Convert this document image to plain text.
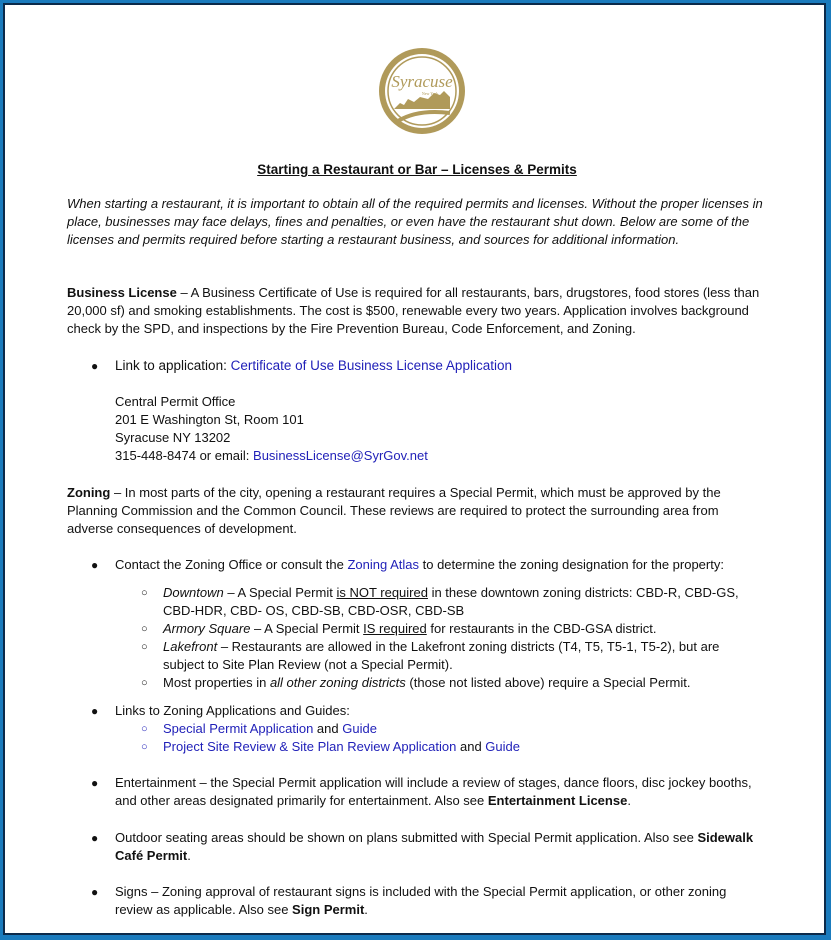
Syracuse
New York
Starting a Restaurant or Bar – Licenses & Permits
When starting a restaurant, it is important to obtain all of the required permits and licenses. Without the proper licenses in place, businesses may face delays, fines and penalties, or even have the restaurant shut down. Below are some of the licenses and permits required before starting a restaurant business, and sources for additional information.
Business License – A Business Certificate of Use is required for all restaurants, bars, drugstores, food stores (less than 20,000 sf) and smoking establishments. The cost is $500, renewable every two years. Application involves background check by the SPD, and inspections by the Fire Prevention Bureau, Code Enforcement, and Zoning.
● Link to application: Certificate of Use Business License Application
Central Permit Office
201 E Washington St, Room 101
Syracuse NY 13202
315-448-8474 or email: BusinessLicense@SyrGov.net
Zoning – In most parts of the city, opening a restaurant requires a Special Permit, which must be approved by the Planning Commission and the Common Council. These reviews are required to protect the surrounding area from adverse consequences of development.
● Contact the Zoning Office or consult the Zoning Atlas to determine the zoning designation for the property:
○ Downtown – A Special Permit is NOT required in these downtown zoning districts: CBD-R, CBD-GS, CBD-HDR, CBD- OS, CBD-SB, CBD-OSR, CBD-SB
○ Armory Square – A Special Permit IS required for restaurants in the CBD-GSA district.
○ Lakefront – Restaurants are allowed in the Lakefront zoning districts (T4, T5, T5-1, T5-2), but are subject to Site Plan Review (not a Special Permit).
○ Most properties in all other zoning districts (those not listed above) require a Special Permit.
● Links to Zoning Applications and Guides:
○ Special Permit Application and Guide
○ Project Site Review & Site Plan Review Application and Guide
● Entertainment – the Special Permit application will include a review of stages, dance floors, disc jockey booths, and other areas designated primarily for entertainment. Also see Entertainment License.
● Outdoor seating areas should be shown on plans submitted with Special Permit application. Also see Sidewalk Café Permit.
● Signs – Zoning approval of restaurant signs is included with the Special Permit application, or other zoning review as applicable. Also see Sign Permit.
